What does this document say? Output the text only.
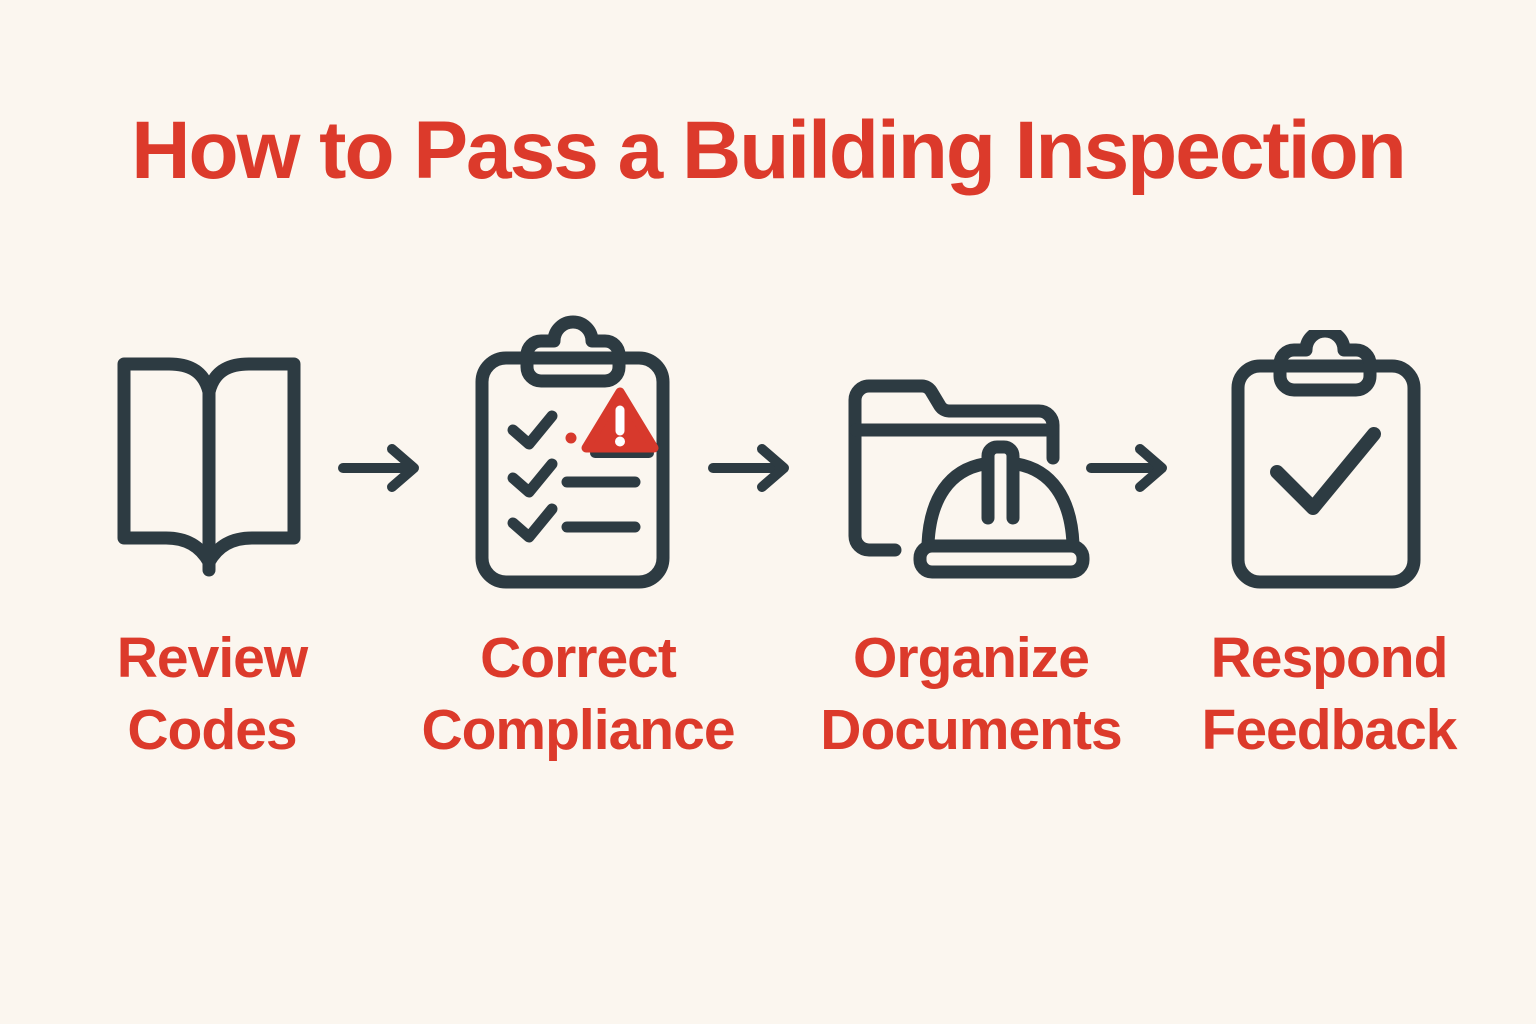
How to Pass a Building Inspection
Review
Codes
Correct
Compliance
Organize
Documents
Respond
Feedback
